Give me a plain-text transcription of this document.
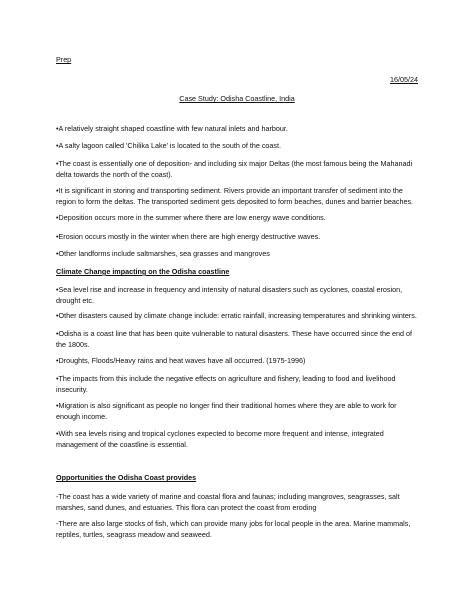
Prep
16/05/24
Case Study: Odisha Coastline, India
•A relatively straight shaped coastline with few natural inlets and harbour.
•A salty lagoon called 'Chilika Lake' is located to the south of the coast.
•The coast is essentially one of deposition- and including six major Deltas (the most famous being the Mahanadi delta towards the north of the coast).
•It is significant in storing and transporting sediment. Rivers provide an important transfer of sediment into the region to form the deltas. The transported sediment gets deposited to form beaches, dunes and barrier beaches.
•Deposition occurs more in the summer where there are low energy wave conditions.
•Erosion occurs mostly in the winter when there are high energy destructive waves.
•Other landforms include saltmarshes, sea grasses and mangroves
Climate Change impacting on the Odisha coastline
•Sea level rise and increase in frequency and intensity of natural disasters such as cyclones, coastal erosion, drought etc.
•Other disasters caused by climate change include: erratic rainfall, increasing temperatures and shrinking winters.
•Odisha is a coast line that has been quite vulnerable to natural disasters. These have occurred since the end of the 1800s.
•Droughts, Floods/Heavy rains and heat waves have all occurred. (1975-1996)
•The impacts from this include the negative effects on agriculture and fishery, leading to food and livelihood insecurity.
•Migration is also significant as people no longer find their traditional homes where they are able to work for enough income.
•With sea levels rising and tropical cyclones expected to become more frequent and intense, integrated management of the coastline is essential.
Opportunities the Odisha Coast provides
-The coast has a wide variety of marine and coastal flora and faunas; including mangroves, seagrasses, salt marshes, sand dunes, and estuaries. This flora can protect the coast from eroding
-There are also large stocks of fish, which can provide many jobs for local people in the area. Marine mammals, reptiles, turtles, seagrass meadow and seaweed.
